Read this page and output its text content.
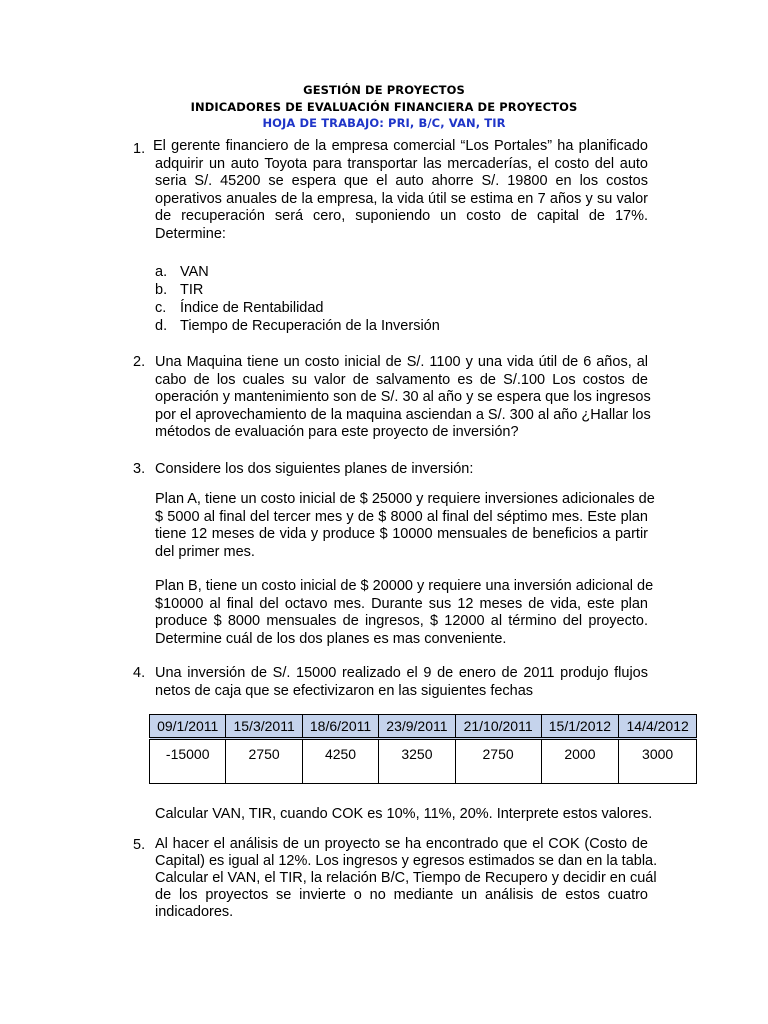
GESTIÓN DE PROYECTOS
INDICADORES DE EVALUACIÓN FINANCIERA DE PROYECTOS
HOJA DE TRABAJO: PRI, B/C, VAN, TIR
1. El gerente financiero de la empresa comercial “Los Portales” ha planificado
adquirir un auto Toyota para transportar las mercaderías, el costo del auto
seria S/. 45200 se espera que el auto ahorre S/. 19800 en los costos
operativos anuales de la empresa, la vida útil se estima en 7 años y su valor
de recuperación será cero, suponiendo un costo de capital de 17%.
Determine:
a. VAN
b. TIR
c. Índice de Rentabilidad
d. Tiempo de Recuperación de la Inversión
2. Una Maquina tiene un costo inicial de S/. 1100 y una vida útil de 6 años, al
cabo de los cuales su valor de salvamento es de S/.100 Los costos de
operación y mantenimiento son de S/. 30 al año y se espera que los ingresos
por el aprovechamiento de la maquina asciendan a S/. 300 al año ¿Hallar los
métodos de evaluación para este proyecto de inversión?
3. Considere los dos siguientes planes de inversión:
Plan A, tiene un costo inicial de $ 25000 y requiere inversiones adicionales de
$ 5000 al final del tercer mes y de $ 8000 al final del séptimo mes. Este plan
tiene 12 meses de vida y produce $ 10000 mensuales de beneficios a partir
del primer mes.
Plan B, tiene un costo inicial de $ 20000 y requiere una inversión adicional de
$10000 al final del octavo mes. Durante sus 12 meses de vida, este plan
produce $ 8000 mensuales de ingresos, $ 12000 al término del proyecto.
Determine cuál de los dos planes es mas conveniente.
4. Una inversión de S/. 15000 realizado el 9 de enero de 2011 produjo flujos
netos de caja que se efectivizaron en las siguientes fechas
09/1/2011	15/3/2011	18/6/2011	23/9/2011	21/10/2011	15/1/2012	14/4/2012
-15000	2750	4250	3250	2750	2000	3000
Calcular VAN, TIR, cuando COK es 10%, 11%, 20%. Interprete estos valores.
5. Al hacer el análisis de un proyecto se ha encontrado que el COK (Costo de
Capital) es igual al 12%. Los ingresos y egresos estimados se dan en la tabla.
Calcular el VAN, el TIR, la relación B/C, Tiempo de Recupero y decidir en cuál
de los proyectos se invierte o no mediante un análisis de estos cuatro
indicadores.
